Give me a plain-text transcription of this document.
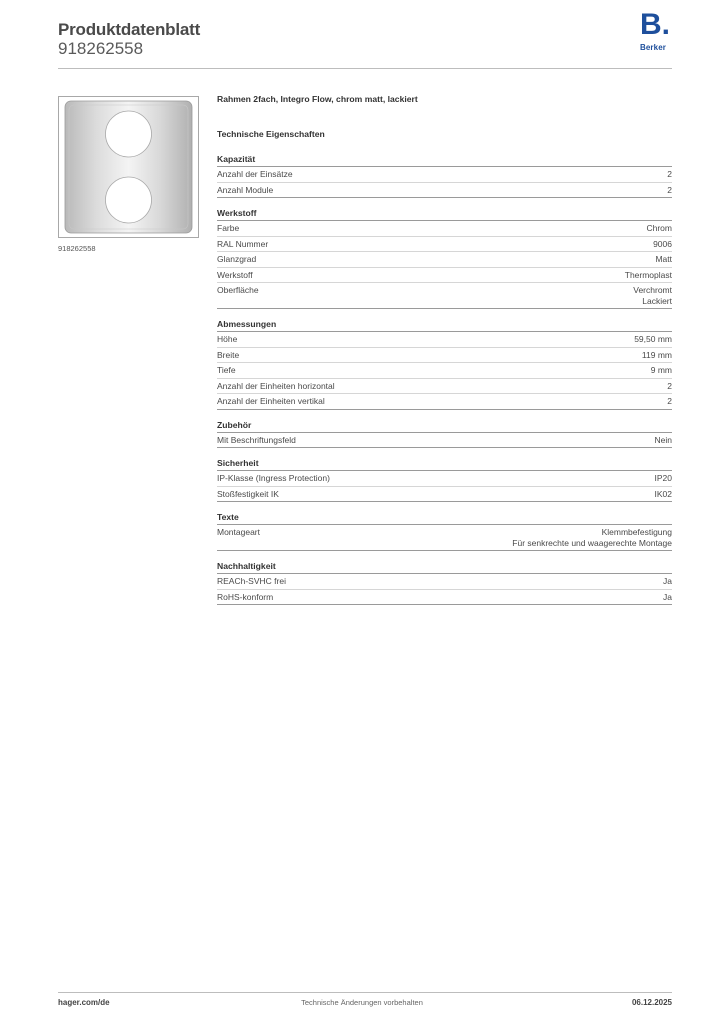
Produktdatenblatt
918262558
B.
Berker
918262558
Rahmen 2fach, Integro Flow, chrom matt, lackiert
Technische Eigenschaften
Kapazität
Anzahl der Einsätze	2
Anzahl Module	2
Werkstoff
Farbe	Chrom
RAL Nummer	9006
Glanzgrad	Matt
Werkstoff	Thermoplast
Oberfläche	Verchromt
Lackiert
Abmessungen
Höhe	59,50 mm
Breite	119 mm
Tiefe	9 mm
Anzahl der Einheiten horizontal	2
Anzahl der Einheiten vertikal	2
Zubehör
Mit Beschriftungsfeld	Nein
Sicherheit
IP-Klasse (Ingress Protection)	IP20
Stoßfestigkeit IK	IK02
Texte
Montageart	Klemmbefestigung
Für senkrechte und waagerechte Montage
Nachhaltigkeit
REACh-SVHC frei	Ja
RoHS-konform	Ja
hager.com/de	Technische Änderungen vorbehalten	06.12.2025
